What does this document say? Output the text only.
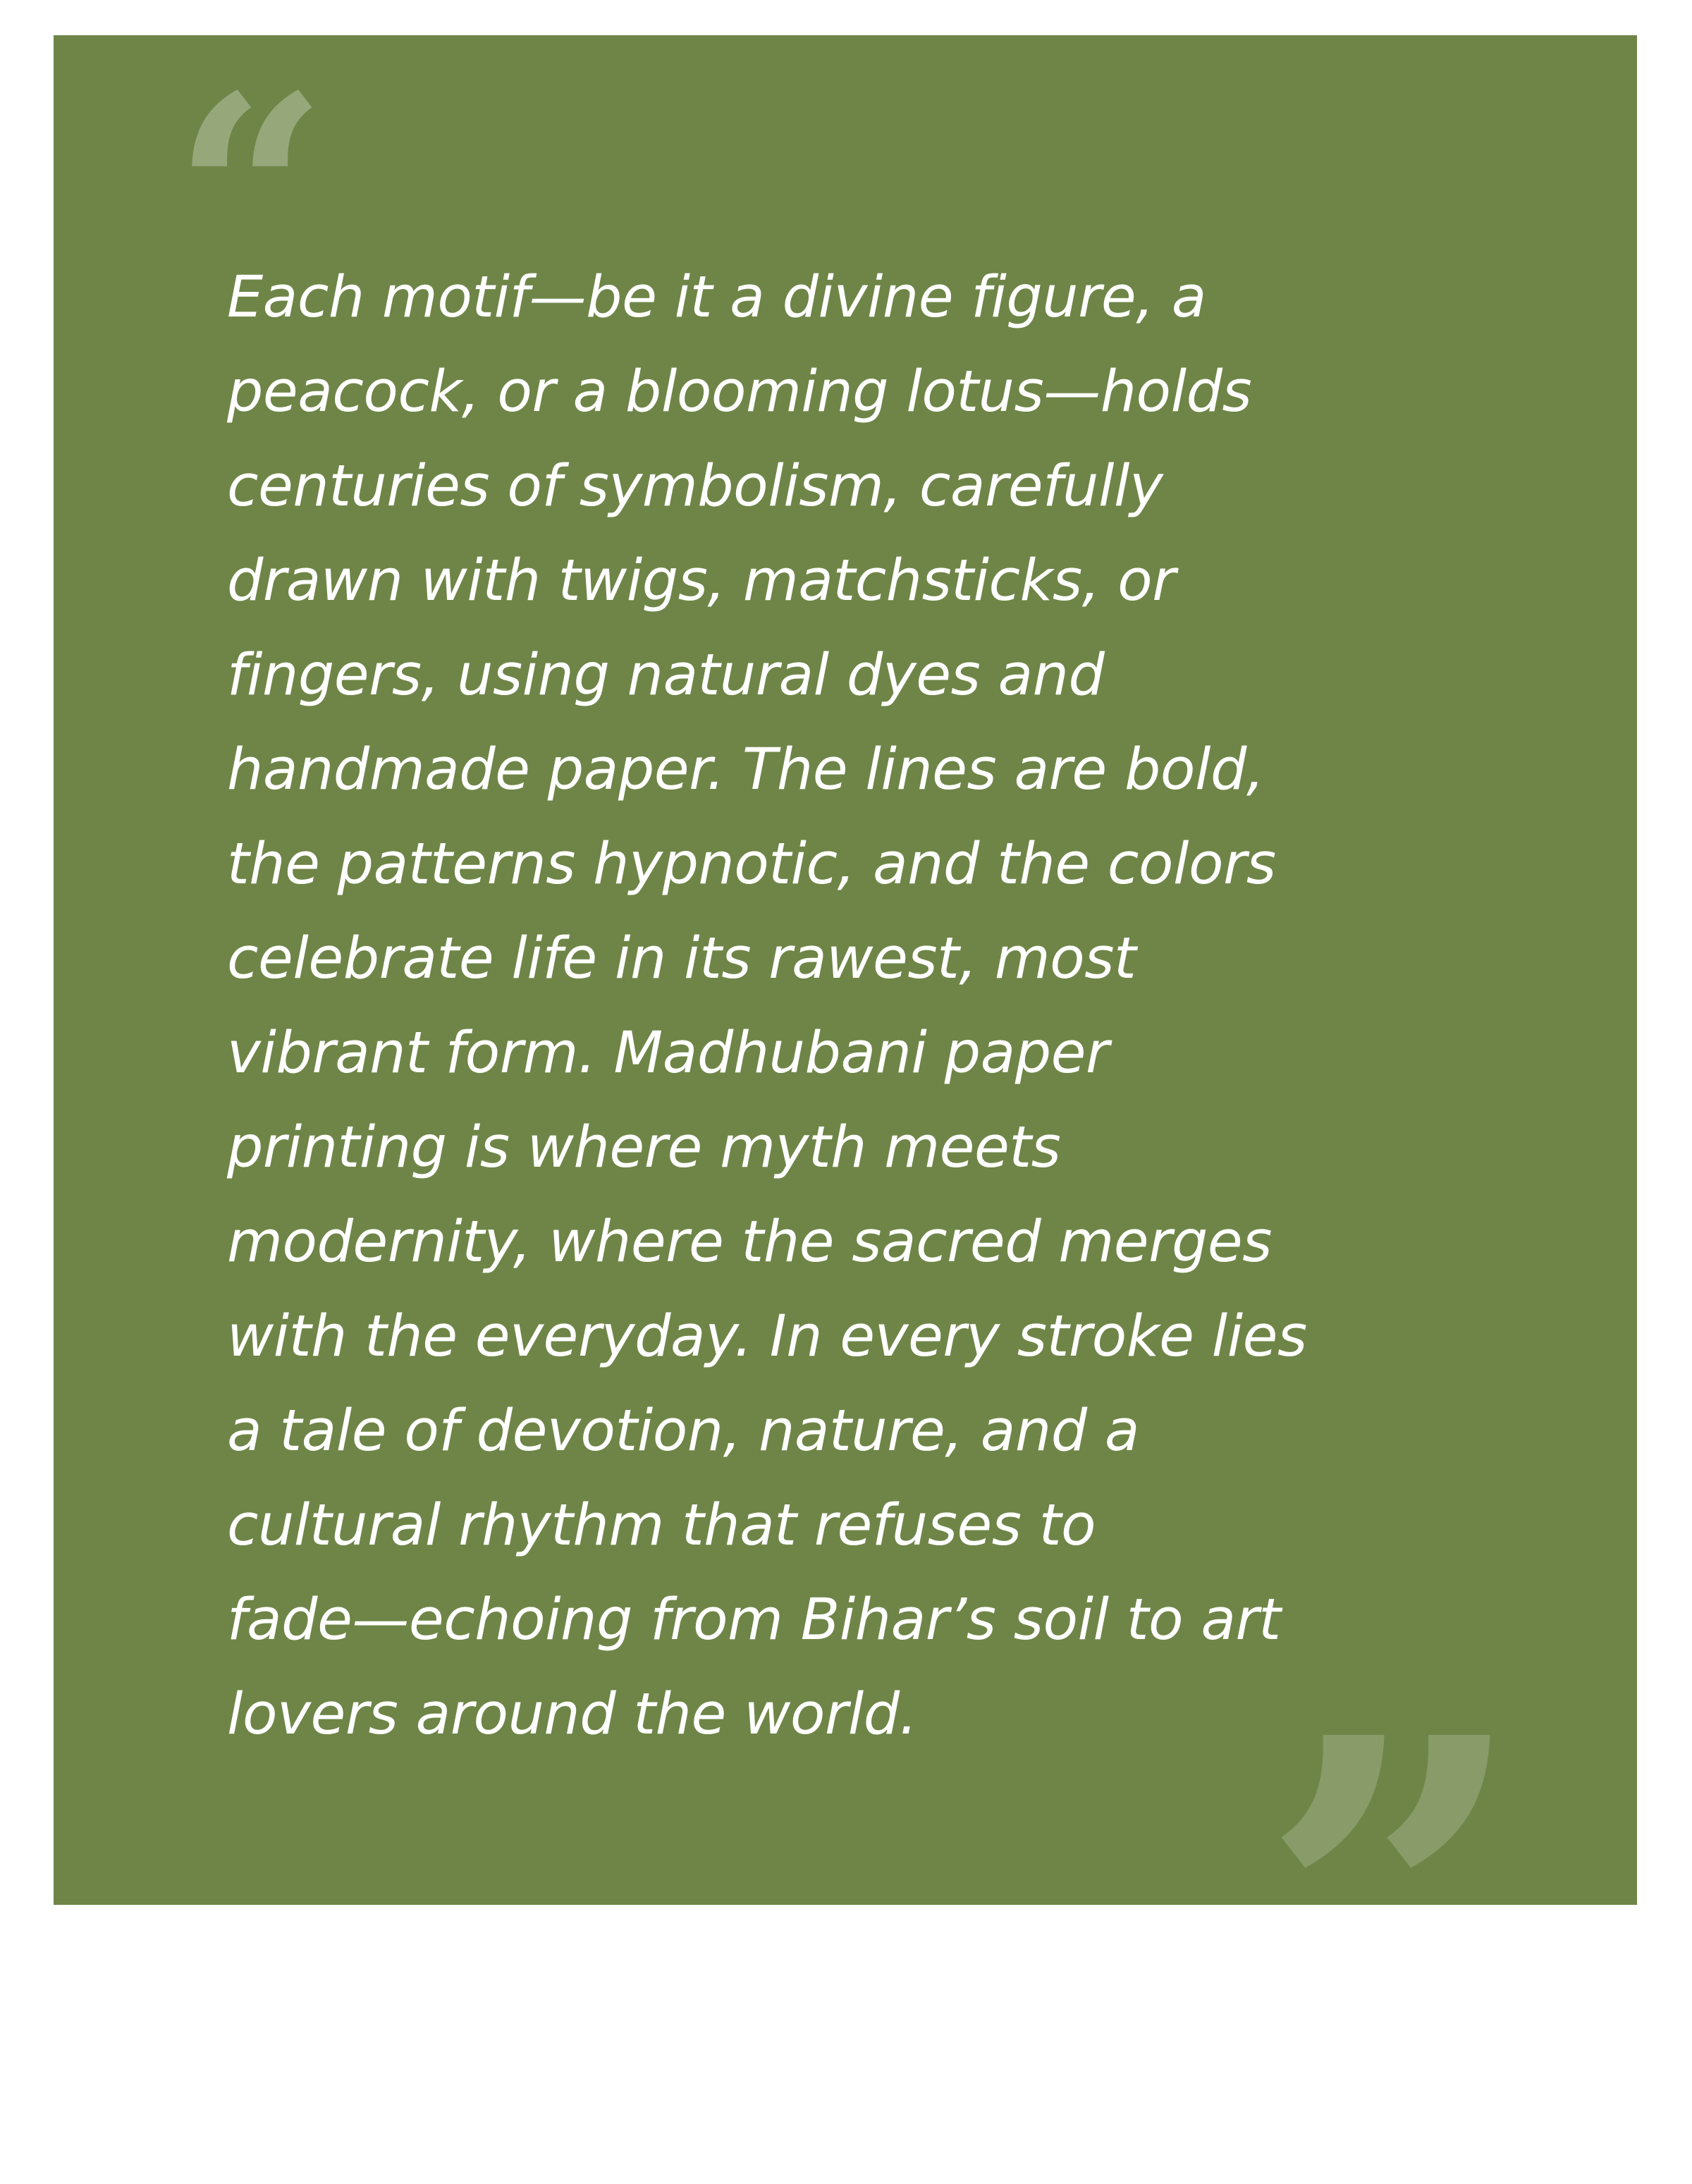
“

Each motif—be it a divine figure, a
peacock, or a blooming lotus—holds
centuries of symbolism, carefully
drawn with twigs, matchsticks, or
fingers, using natural dyes and
handmade paper. The lines are bold,
the patterns hypnotic, and the colors
celebrate life in its rawest, most
vibrant form. Madhubani paper
printing is where myth meets
modernity, where the sacred merges
with the everyday. In every stroke lies
a tale of devotion, nature, and a
cultural rhythm that refuses to
fade—echoing from Bihar’s soil to art
lovers around the world. ”
